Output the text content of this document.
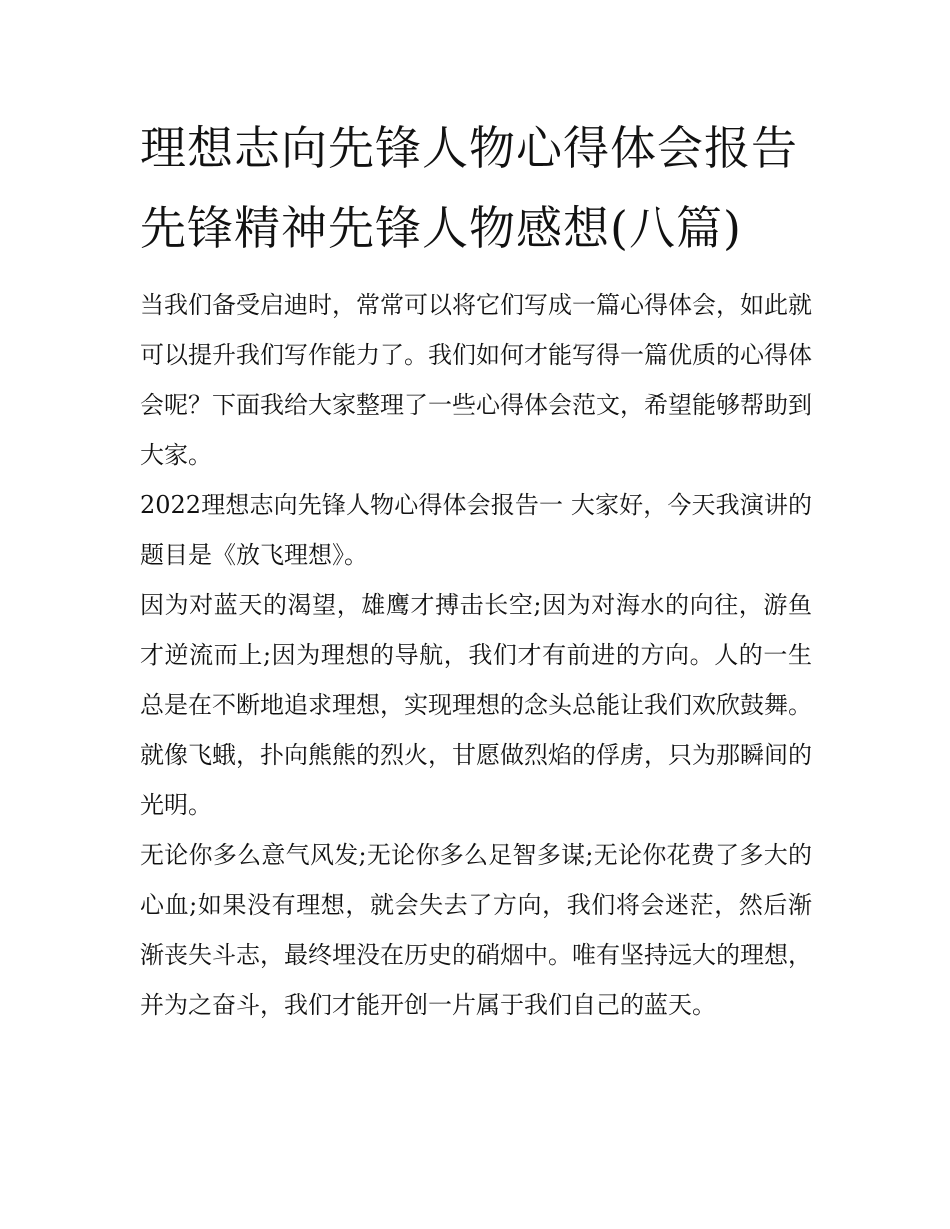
理想志向先锋人物心得体会报告 先锋精神先锋人物感想(八篇)

当我们备受启迪时，常常可以将它们写成一篇心得体会，如此就可以提升我们写作能力了。我们如何才能写得一篇优质的心得体会呢？下面我给大家整理了一些心得体会范文，希望能够帮助到大家。

2022理想志向先锋人物心得体会报告一 大家好，今天我演讲的题目是《放飞理想》。

因为对蓝天的渴望，雄鹰才搏击长空;因为对海水的向往，游鱼才逆流而上;因为理想的导航，我们才有前进的方向。人的一生总是在不断地追求理想，实现理想的念头总能让我们欢欣鼓舞。就像飞蛾，扑向熊熊的烈火，甘愿做烈焰的俘虏，只为那瞬间的光明。

无论你多么意气风发;无论你多么足智多谋;无论你花费了多大的心血;如果没有理想，就会失去了方向，我们将会迷茫，然后渐渐丧失斗志，最终埋没在历史的硝烟中。唯有坚持远大的理想，并为之奋斗，我们才能开创一片属于我们自己的蓝天。
